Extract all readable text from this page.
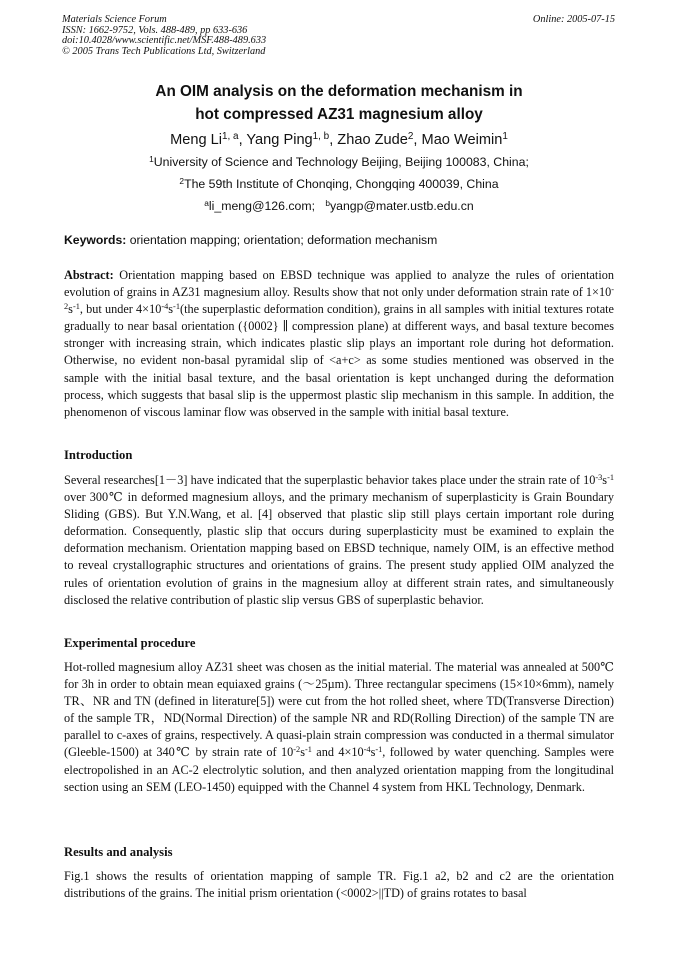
Materials Science Forum
ISSN: 1662-9752, Vols. 488-489, pp 633-636
doi:10.4028/www.scientific.net/MSF.488-489.633
© 2005 Trans Tech Publications Ltd, Switzerland
Online: 2005-07-15
An OIM analysis on the deformation mechanism in
hot compressed AZ31 magnesium alloy
Meng Li$^{1, a}$, Yang Ping$^{1, b}$, Zhao Zude$^2$, Mao Weimin$^1$
$^1$University of Science and Technology Beijing, Beijing 100083, China;
$^2$The 59th Institute of Chonqing, Chongqing 400039, China
$^a$li_meng@126.com; $^b$yangp@mater.ustb.edu.cn
Keywords: orientation mapping; orientation; deformation mechanism

Abstract: Orientation mapping based on EBSD technique was applied to analyze the rules of orientation evolution of grains in AZ31 magnesium alloy. Results show that not only under deformation strain rate of $1\times 10^{-2}s^{-1}$, but under $4\times 10^{-4}s^{-1}(the$ superplastic deformation condition), grains in all samples with initial textures rotate gradually to near basal orientation ({0002} ∥ compression plane) at different ways, and basal texture becomes stronger with increasing strain, which indicates plastic slip plays an important role during hot deformation. Otherwise, no evident non-basal pyramidal slip of <a+c> as some studies mentioned was observed in the sample with the initial basal texture, and the basal orientation is kept unchanged during the deformation process, which suggests that basal slip is the uppermost plastic slip mechanism in this sample. In addition, the phenomenon of viscous laminar flow was observed in the sample with initial basal texture.

Introduction

Several researches[1－3] have indicated that the superplastic behavior takes place under the strain rate of $10^{-3}s^{-1}$ over 300℃ in deformed magnesium alloys, and the primary mechanism of superplasticity is Grain Boundary Sliding (GBS). But Y.N.Wang, et al. [4] observed that plastic slip still plays certain important role during deformation. Consequently, plastic slip that occurs during superplasticity must be examined to explain the deformation mechanism. Orientation mapping based on EBSD technique, namely OIM, is an effective method to reveal crystallographic structures and orientations of grains. The present study applied OIM analyzed the rules of orientation evolution of grains in the magnesium alloy at different strain rates, and simultaneously disclosed the relative contribution of plastic slip versus GBS of superplastic behavior.

Experimental procedure

Hot-rolled magnesium alloy AZ31 sheet was chosen as the initial material. The material was annealed at 500℃ for 3h in order to obtain mean equiaxed grains (～25µm). Three rectangular specimens (15×10×6mm), namely TR、NR and TN (defined in literature[5]) were cut from the hot rolled sheet, where TD(Transverse Direction) of the sample TR，ND(Normal Direction) of the sample NR and RD(Rolling Direction) of the sample TN are parallel to c-axes of grains, respectively. A quasi-plain strain compression was conducted in a thermal simulator (Gleeble-1500) at 340℃ by strain rate of $10^{-2}s^{-1}$ and $4\times 10^{-4}s^{-1}$, followed by water quenching. Samples were electropolished in an AC-2 electrolytic solution, and then analyzed orientation mapping from the longitudinal section using an SEM (LEO-1450) equipped with the Channel 4 system from HKL Technology, Denmark.

Results and analysis

Fig.1 shows the results of orientation mapping of sample TR. Fig.1 a2, b2 and c2 are the orientation distributions of the grains. The initial prism orientation (<0002>||TD) of grains rotates to basal
